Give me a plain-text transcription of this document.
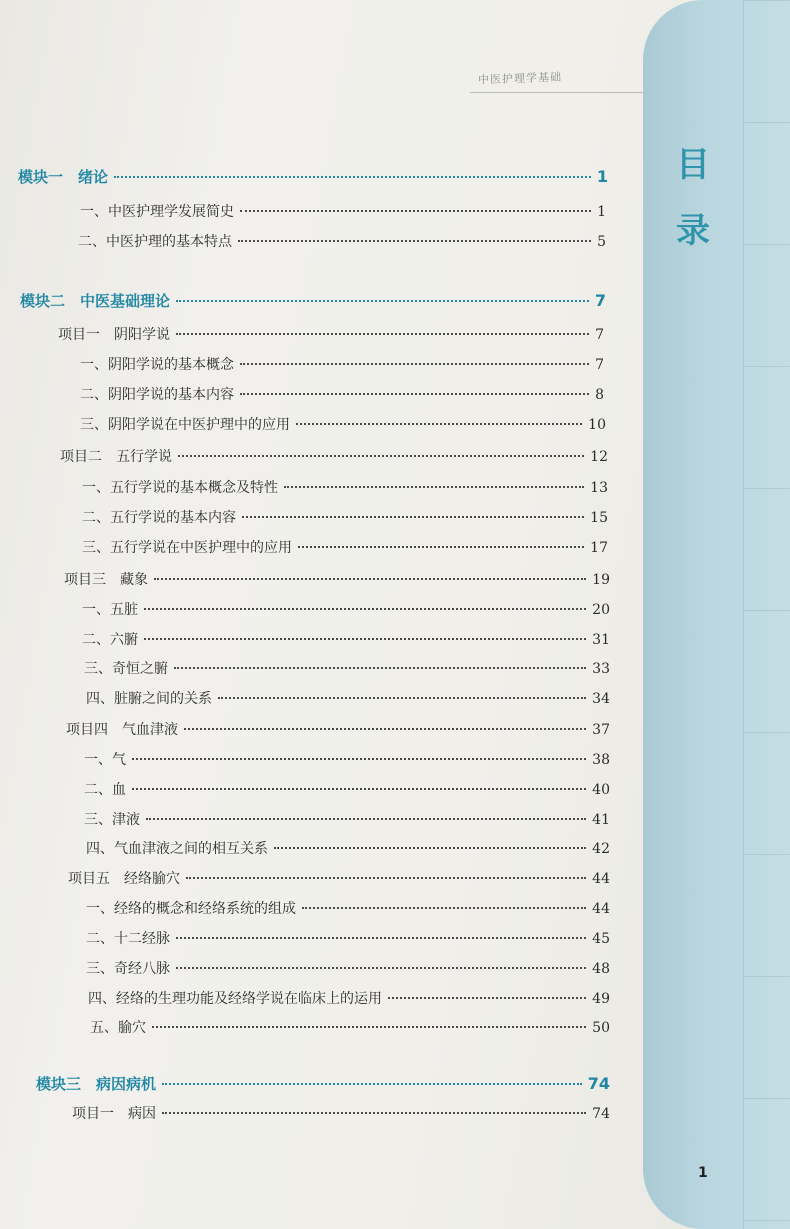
中医护理学基础
目
录
模块一　绪论	1
一、中医护理学发展简史	1
二、中医护理的基本特点	5
模块二　中医基础理论	7
项目一　阴阳学说	7
一、阴阳学说的基本概念	7
二、阴阳学说的基本内容	8
三、阴阳学说在中医护理中的应用	10
项目二　五行学说	12
一、五行学说的基本概念及特性	13
二、五行学说的基本内容	15
三、五行学说在中医护理中的应用	17
项目三　藏象	19
一、五脏	20
二、六腑	31
三、奇恒之腑	33
四、脏腑之间的关系	34
项目四　气血津液	37
一、气	38
二、血	40
三、津液	41
四、气血津液之间的相互关系	42
项目五　经络腧穴	44
一、经络的概念和经络系统的组成	44
二、十二经脉	45
三、奇经八脉	48
四、经络的生理功能及经络学说在临床上的运用	49
五、腧穴	50
模块三　病因病机	74
项目一　病因	74
1
